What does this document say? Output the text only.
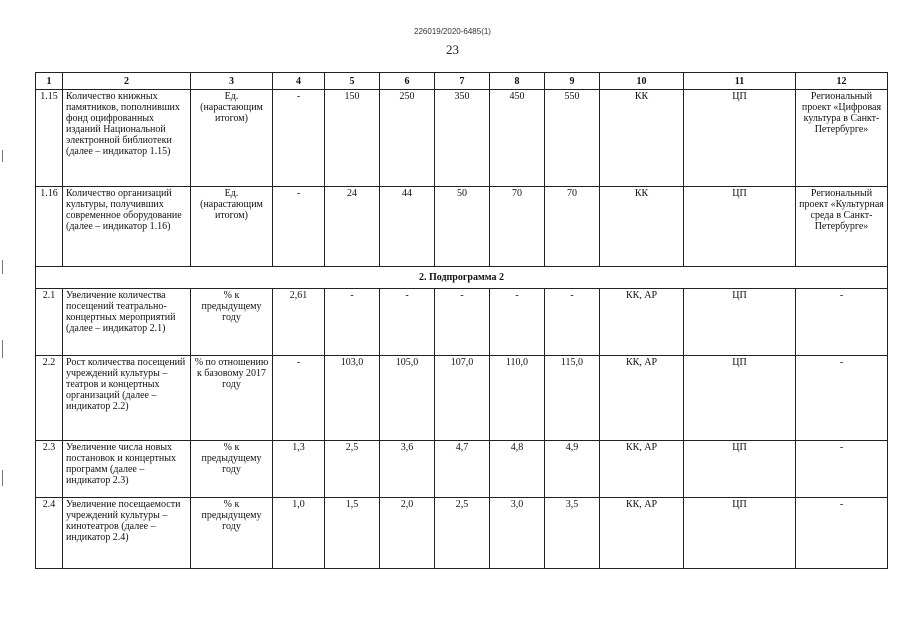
226019/2020-6485(1)
23
1	2	3	4	5	6	7	8	9	10	11	12
1.15	Количество книжных памятников, пополнивших фонд оцифрованных изданий Национальной электронной библиотеки (далее – индикатор 1.15)	Ед. (нарастающим итогом)	-	150	250	350	450	550	КК	ЦП	Региональный проект «Цифровая культура в Санкт-Петербурге»
1.16	Количество организаций культуры, получивших современное оборудование (далее – индикатор 1.16)	Ед. (нарастающим итогом)	-	24	44	50	70	70	КК	ЦП	Региональный проект «Культурная среда в Санкт-Петербурге»
2. Подпрограмма 2											
2.1	Увеличение количества посещений театрально-концертных мероприятий (далее – индикатор 2.1)	% к предыдущему году	2,61	-	-	-	-	-	КК, АР	ЦП	-
2.2	Рост количества посещений учреждений культуры – театров и концертных организаций (далее – индикатор 2.2)	% по отношению к базовому 2017 году	-	103,0	105,0	107,0	110,0	115,0	КК, АР	ЦП	-
2.3	Увеличение числа новых постановок и концертных программ (далее – индикатор 2.3)	% к предыдущему году	1,3	2,5	3,6	4,7	4,8	4,9	КК, АР	ЦП	-
2.4	Увеличение посещаемости учреждений культуры – кинотеатров (далее – индикатор 2.4)	% к предыдущему году	1,0	1,5	2,0	2,5	3,0	3,5	КК, АР	ЦП	-
